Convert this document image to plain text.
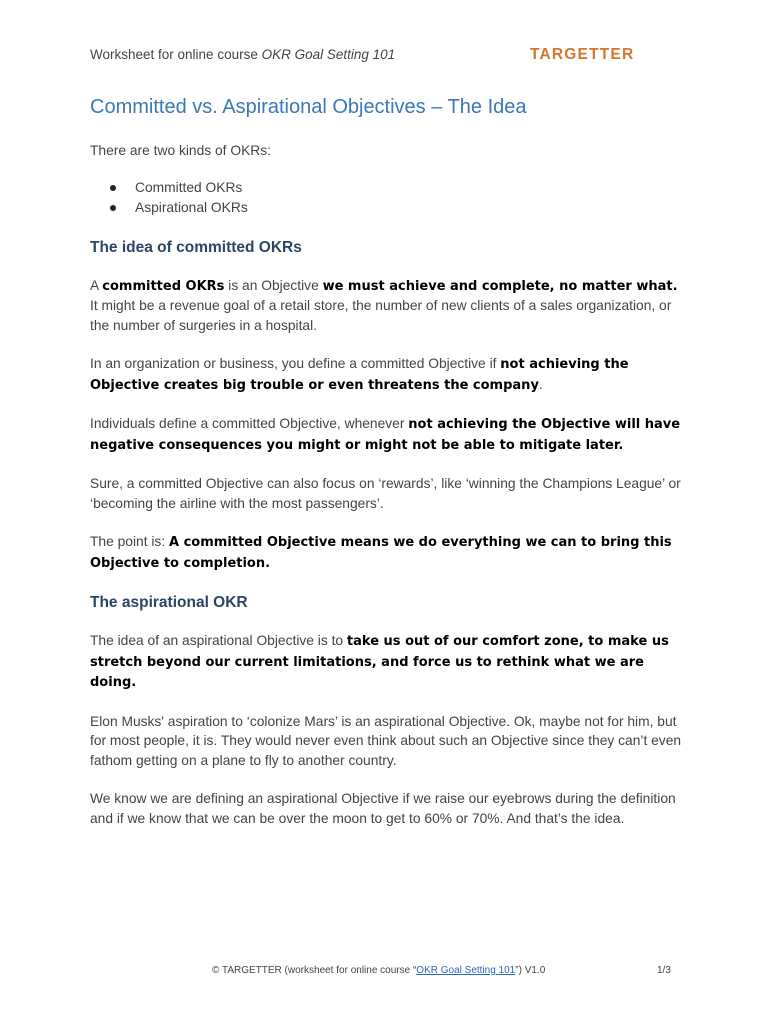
Worksheet for online course OKR Goal Setting 101	TARGETTER
Committed vs. Aspirational Objectives – The Idea

There are two kinds of OKRs:

Committed OKRs
Aspirational OKRs
The idea of committed OKRs

A committed OKRs is an Objective we must achieve and complete, no matter what.
It might be a revenue goal of a retail store, the number of new clients of a sales organization, or the number of surgeries in a hospital.

In an organization or business, you define a committed Objective if not achieving the Objective creates big trouble or even threatens the company.

Individuals define a committed Objective, whenever not achieving the Objective will have negative consequences you might or might not be able to mitigate later.

Sure, a committed Objective can also focus on ‘rewards’, like ‘winning the Champions League’ or ‘becoming the airline with the most passengers’.

The point is: A committed Objective means we do everything we can to bring this Objective to completion.

The aspirational OKR

The idea of an aspirational Objective is to take us out of our comfort zone, to make us stretch beyond our current limitations, and force us to rethink what we are doing.

Elon Musks' aspiration to ‘colonize Mars’ is an aspirational Objective. Ok, maybe not for him, but for most people, it is. They would never even think about such an Objective since they can’t even fathom getting on a plane to fly to another country.

We know we are defining an aspirational Objective if we raise our eyebrows during the definition and if we know that we can be over the moon to get to 60% or 70%. And that’s the idea.

© TARGETTER (worksheet for online course “OKR Goal Setting 101”) V1.0	1/3
